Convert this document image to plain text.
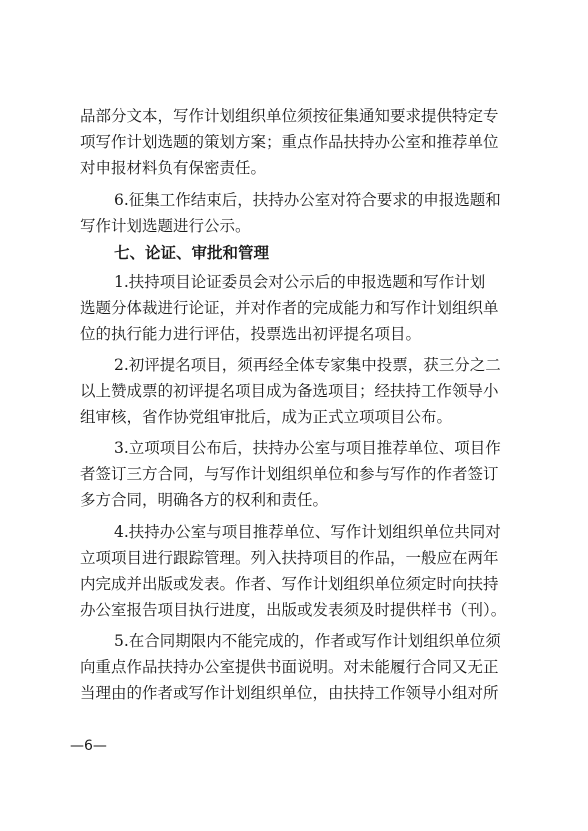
品部分文本，写作计划组织单位须按征集通知要求提供特定专
项写作计划选题的策划方案；重点作品扶持办公室和推荐单位
对申报材料负有保密责任。
6.征集工作结束后，扶持办公室对符合要求的申报选题和
写作计划选题进行公示。
七、论证、审批和管理
1.扶持项目论证委员会对公示后的申报选题和写作计划
选题分体裁进行论证，并对作者的完成能力和写作计划组织单
位的执行能力进行评估，投票选出初评提名项目。
2.初评提名项目，须再经全体专家集中投票，获三分之二
以上赞成票的初评提名项目成为备选项目；经扶持工作领导小
组审核，省作协党组审批后，成为正式立项项目公布。
3.立项项目公布后，扶持办公室与项目推荐单位、项目作
者签订三方合同，与写作计划组织单位和参与写作的作者签订
多方合同，明确各方的权利和责任。
4.扶持办公室与项目推荐单位、写作计划组织单位共同对
立项项目进行跟踪管理。列入扶持项目的作品，一般应在两年
内完成并出版或发表。作者、写作计划组织单位须定时向扶持
办公室报告项目执行进度，出版或发表须及时提供样书（刊）。
5.在合同期限内不能完成的，作者或写作计划组织单位须
向重点作品扶持办公室提供书面说明。对未能履行合同又无正
当理由的作者或写作计划组织单位，由扶持工作领导小组对所
—6—
